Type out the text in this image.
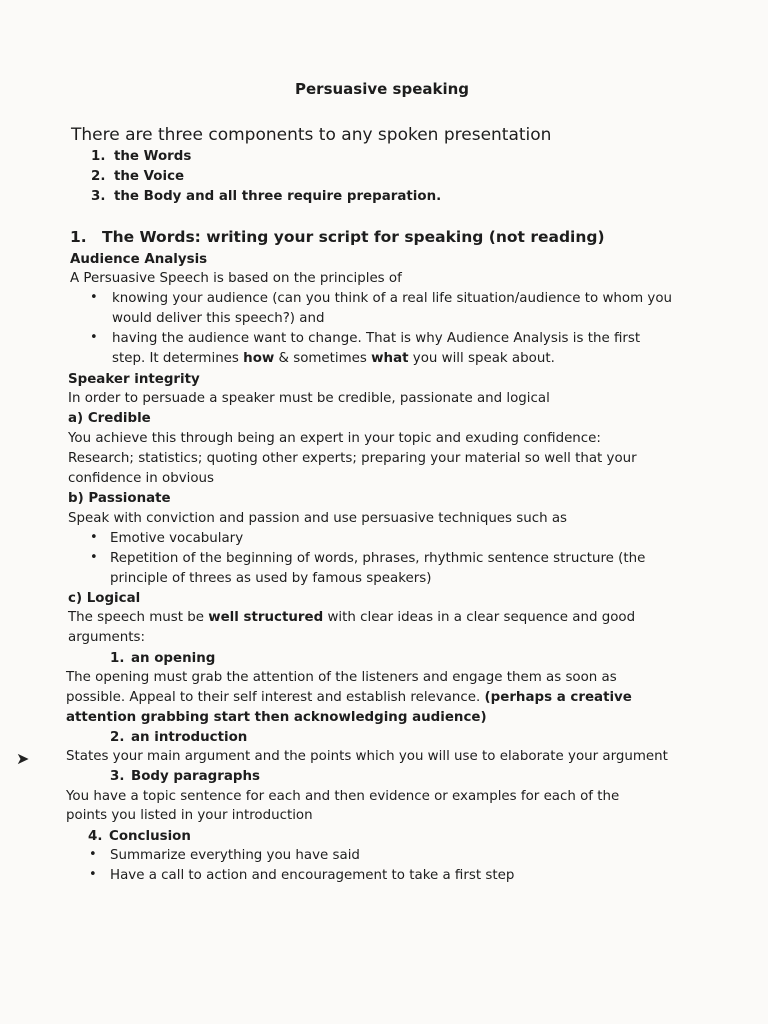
Persuasive speaking
There are three components to any spoken presentation
1. the Words
2. the Voice
3. the Body and all three require preparation.
1. The Words: writing your script for speaking (not reading)
Audience Analysis
A Persuasive Speech is based on the principles of
• knowing your audience (can you think of a real life situation/audience to whom you
would deliver this speech?) and
• having the audience want to change. That is why Audience Analysis is the first
step. It determines how & sometimes what you will speak about.
Speaker integrity
In order to persuade a speaker must be credible, passionate and logical
a) Credible
You achieve this through being an expert in your topic and exuding confidence:
Research; statistics; quoting other experts; preparing your material so well that your
confidence in obvious
b) Passionate
Speak with conviction and passion and use persuasive techniques such as
• Emotive vocabulary
• Repetition of the beginning of words, phrases, rhythmic sentence structure (the
principle of threes as used by famous speakers)
c) Logical
The speech must be well structured with clear ideas in a clear sequence and good
arguments:
1. an opening
The opening must grab the attention of the listeners and engage them as soon as
possible. Appeal to their self interest and establish relevance. (perhaps a creative
attention grabbing start then acknowledging audience)
2. an introduction
➤	States your main argument and the points which you will use to elaborate your argument
3. Body paragraphs
You have a topic sentence for each and then evidence or examples for each of the
points you listed in your introduction
4. Conclusion
• Summarize everything you have said
• Have a call to action and encouragement to take a first step
